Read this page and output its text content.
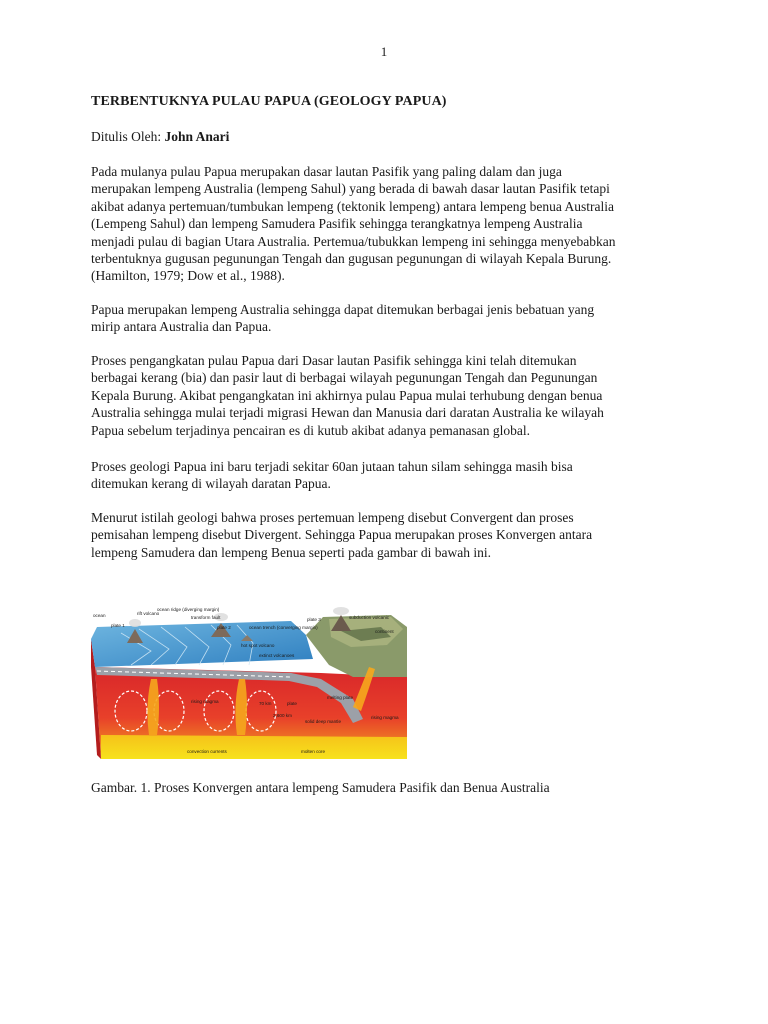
1
TERBENTUKNYA PULAU PAPUA (GEOLOGY PAPUA)
Ditulis Oleh: John Anari
Pada mulanya pulau Papua merupakan dasar lautan Pasifik yang paling dalam dan juga
merupakan lempeng Australia (lempeng Sahul) yang berada di bawah dasar lautan Pasifik tetapi
akibat adanya pertemuan/tumbukan lempeng (tektonik lempeng) antara lempeng benua Australia
(Lempeng Sahul) dan lempeng Samudera Pasifik sehingga terangkatnya lempeng Australia
menjadi pulau di bagian Utara Australia. Pertemua/tubukkan lempeng ini sehingga menyebabkan
terbentuknya gugusan pegunungan Tengah dan gugusan pegunungan di wilayah Kepala Burung.
(Hamilton, 1979; Dow et al., 1988).
Papua merupakan lempeng Australia sehingga dapat ditemukan berbagai jenis bebatuan yang
mirip antara Australia dan Papua.
Proses pengangkatan pulau Papua dari Dasar lautan Pasifik sehingga kini telah ditemukan
berbagai kerang (bia) dan pasir laut di berbagai wilayah pegunungan Tengah dan Pegunungan
Kepala Burung. Akibat pengangkatan ini akhirnya pulau Papua mulai terhubung dengan benua
Australia sehingga mulai terjadi migrasi Hewan dan Manusia dari daratan Australia ke wilayah
Papua sebelum terjadinya pencairan es di kutub akibat adanya pemanasan global.
Proses geologi Papua ini baru terjadi sekitar 60an jutaan tahun silam sehingga masih bisa
ditemukan kerang di wilayah daratan Papua.
Menurut istilah geologi bahwa proses pertemuan lempeng disebut Convergent dan proses
pemisahan lempeng disebut Divergent. Sehingga Papua merupakan proses Konvergen antara
lempeng Samudera dan lempeng Benua seperti pada gambar di bawah ini.
ocean
plate 1
rift volcano
ocean ridge (diverging margin)
transform fault
plate 2	ocean trench (converging margin)
plate 3	subduction volcanic
continent
hot spot volcano
extinct volcanoes
rising magma
rising magma
70 km	plate
2,600 km
solid deep mantle
melting plate
convection currents	molten core
Gambar. 1. Proses Konvergen antara lempeng Samudera Pasifik dan Benua Australia
